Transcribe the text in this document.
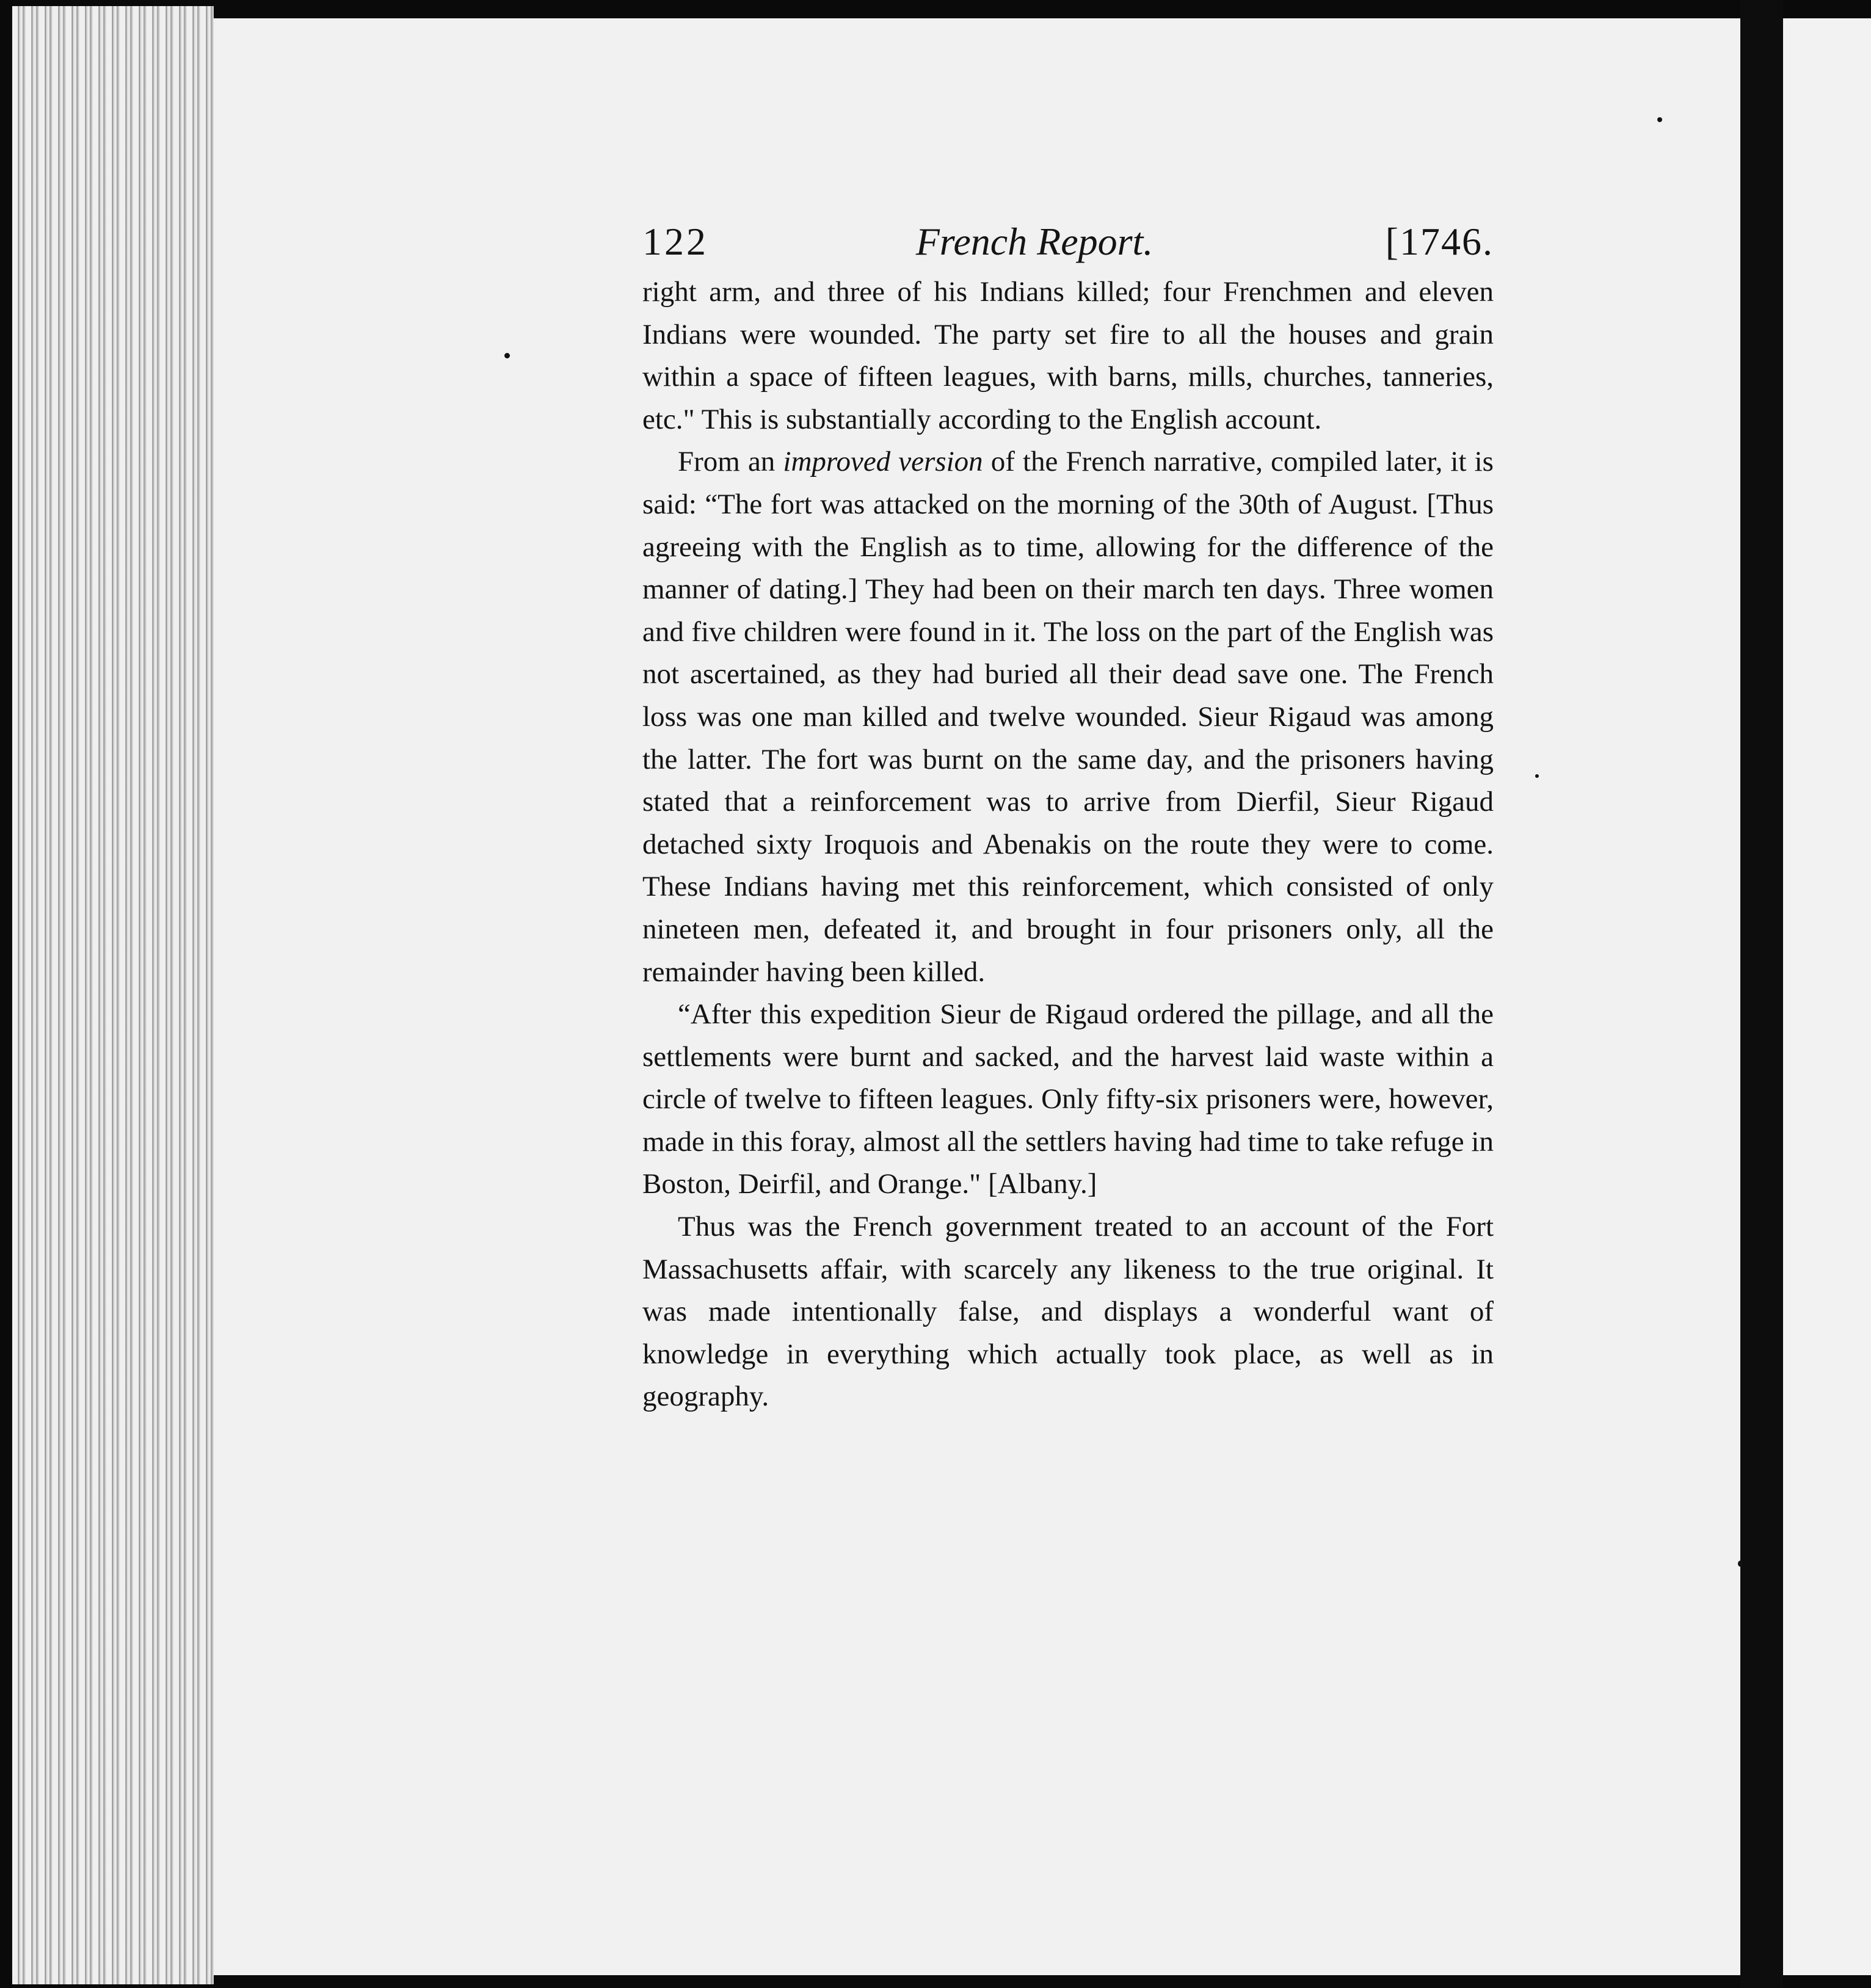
122	French Report.	[1746.

right arm, and three of his Indians killed; four Frenchmen and eleven Indians were wounded. The party set fire to all the houses and grain within a space of fifteen leagues, with barns, mills, churches, tanneries, etc." This is substantially according to the English account.

From an improved version of the French narrative, compiled later, it is said: “The fort was attacked on the morning of the 30th of August. [Thus agreeing with the English as to time, allowing for the difference of the manner of dating.] They had been on their march ten days. Three women and five children were found in it. The loss on the part of the English was not ascertained, as they had buried all their dead save one. The French loss was one man killed and twelve wounded. Sieur Rigaud was among the latter. The fort was burnt on the same day, and the prisoners having stated that a reinforcement was to arrive from Dierfil, Sieur Rigaud detached sixty Iroquois and Abenakis on the route they were to come. These Indians having met this reinforcement, which consisted of only nineteen men, defeated it, and brought in four prisoners only, all the remainder having been killed.

“After this expedition Sieur de Rigaud ordered the pillage, and all the settlements were burnt and sacked, and the harvest laid waste within a circle of twelve to fifteen leagues. Only fifty-six prisoners were, however, made in this foray, almost all the settlers having had time to take refuge in Boston, Deirfil, and Orange." [Albany.]

Thus was the French government treated to an account of the Fort Massachusetts affair, with scarcely any likeness to the true original. It was made intentionally false, and displays a wonderful want of knowledge in everything which actually took place, as well as in geography.
